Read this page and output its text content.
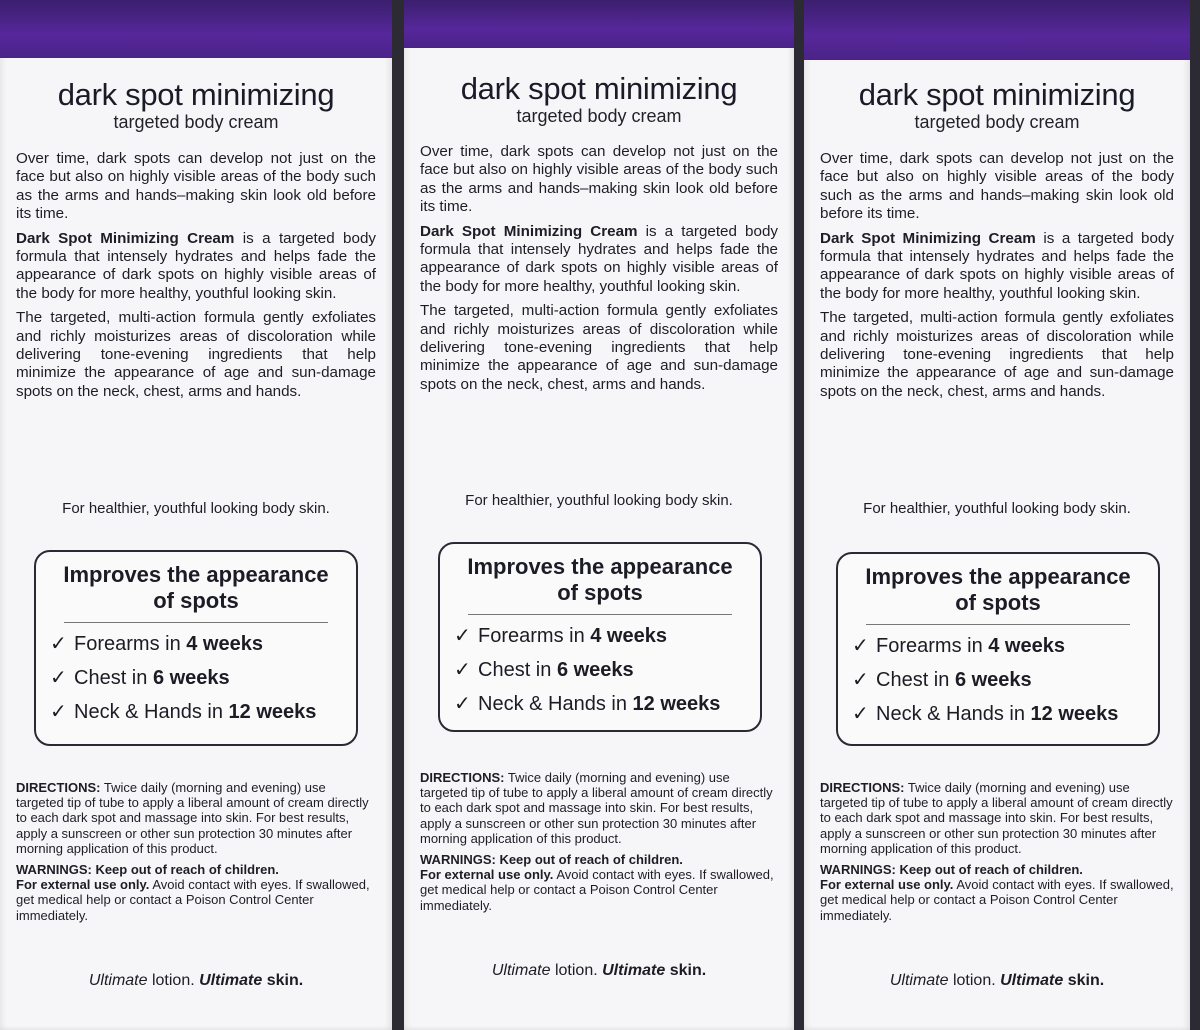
dark spot minimizing

targeted body cream

Over time, dark spots can develop not just on the face but also on highly visible areas of the body such as the arms and hands–making skin look old before its time.

Dark Spot Minimizing Cream is a targeted body formula that intensely hydrates and helps fade the appearance of dark spots on highly visible areas of the body for more healthy, youthful looking skin.

The targeted, multi-action formula gently exfoliates and richly moisturizes areas of discoloration while delivering tone-evening ingredients that help minimize the appearance of age and sun-damage spots on the neck, chest, arms and hands.

For healthier, youthful looking body skin.

Improves the appearance of spots
✓ Forearms in 4 weeks
✓ Chest in 6 weeks
✓ Neck & Hands in 12 weeks

DIRECTIONS: Twice daily (morning and evening) use targeted tip of tube to apply a liberal amount of cream directly to each dark spot and massage into skin. For best results, apply a sunscreen or other sun protection 30 minutes after morning application of this product.

WARNINGS: Keep out of reach of children.
For external use only. Avoid contact with eyes. If swallowed, get medical help or contact a Poison Control Center immediately.

Ultimate lotion. Ultimate skin.

dark spot minimizing

targeted body cream

Over time, dark spots can develop not just on the face but also on highly visible areas of the body such as the arms and hands–making skin look old before its time.

Dark Spot Minimizing Cream is a targeted body formula that intensely hydrates and helps fade the appearance of dark spots on highly visible areas of the body for more healthy, youthful looking skin.

The targeted, multi-action formula gently exfoliates and richly moisturizes areas of discoloration while delivering tone-evening ingredients that help minimize the appearance of age and sun-damage spots on the neck, chest, arms and hands.

For healthier, youthful looking body skin.

Improves the appearance of spots
✓ Forearms in 4 weeks
✓ Chest in 6 weeks
✓ Neck & Hands in 12 weeks

DIRECTIONS: Twice daily (morning and evening) use targeted tip of tube to apply a liberal amount of cream directly to each dark spot and massage into skin. For best results, apply a sunscreen or other sun protection 30 minutes after morning application of this product.

WARNINGS: Keep out of reach of children.
For external use only. Avoid contact with eyes. If swallowed, get medical help or contact a Poison Control Center immediately.

Ultimate lotion. Ultimate skin.

dark spot minimizing

targeted body cream

Over time, dark spots can develop not just on the face but also on highly visible areas of the body such as the arms and hands–making skin look old before its time.

Dark Spot Minimizing Cream is a targeted body formula that intensely hydrates and helps fade the appearance of dark spots on highly visible areas of the body for more healthy, youthful looking skin.

The targeted, multi-action formula gently exfoliates and richly moisturizes areas of discoloration while delivering tone-evening ingredients that help minimize the appearance of age and sun-damage spots on the neck, chest, arms and hands.

For healthier, youthful looking body skin.

Improves the appearance of spots
✓ Forearms in 4 weeks
✓ Chest in 6 weeks
✓ Neck & Hands in 12 weeks

DIRECTIONS: Twice daily (morning and evening) use targeted tip of tube to apply a liberal amount of cream directly to each dark spot and massage into skin. For best results, apply a sunscreen or other sun protection 30 minutes after morning application of this product.

WARNINGS: Keep out of reach of children.
For external use only. Avoid contact with eyes. If swallowed, get medical help or contact a Poison Control Center immediately.

Ultimate lotion. Ultimate skin.
